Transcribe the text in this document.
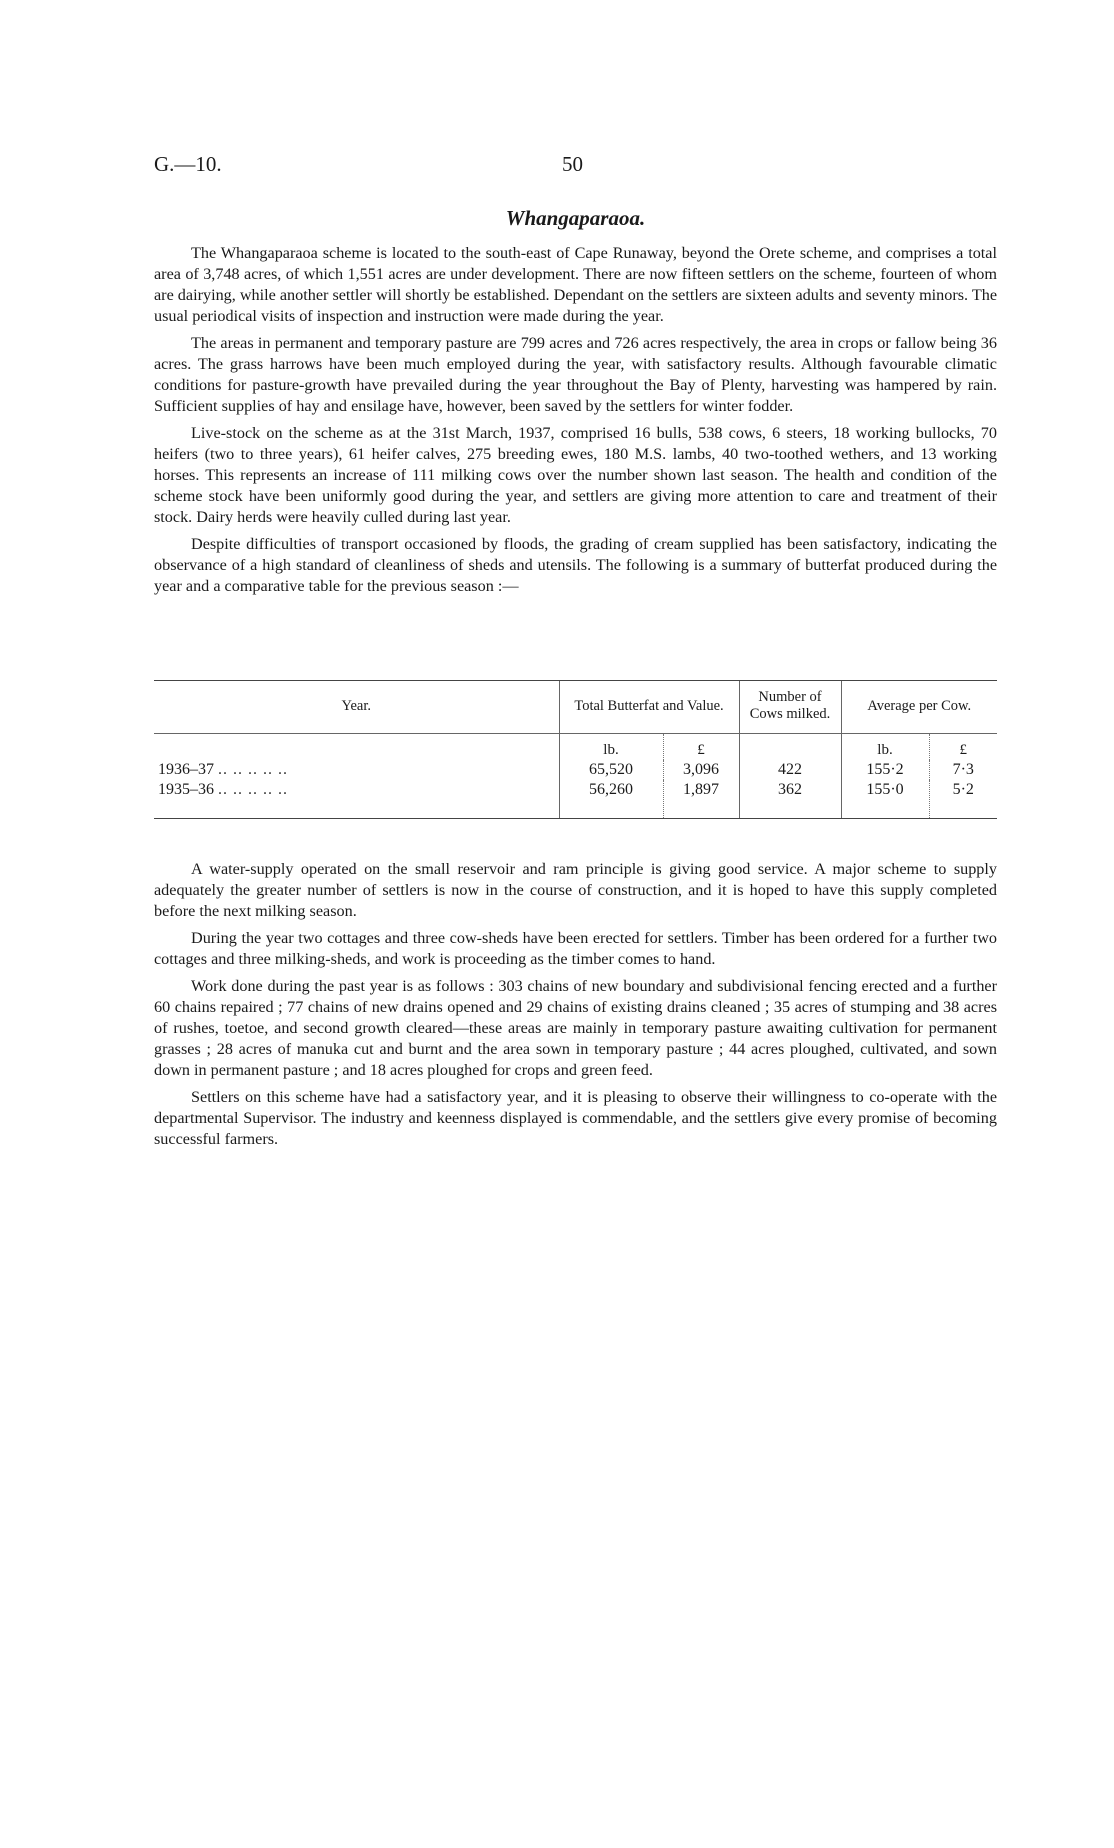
G.—10.	50
Whangaparaoa.

The Whangaparaoa scheme is located to the south-east of Cape Runaway, beyond the Orete scheme, and comprises a total area of 3,748 acres, of which 1,551 acres are under development. There are now fifteen settlers on the scheme, fourteen of whom are dairying, while another settler will shortly be established. Dependant on the settlers are sixteen adults and seventy minors. The usual periodical visits of inspection and instruction were made during the year.

The areas in permanent and temporary pasture are 799 acres and 726 acres respectively, the area in crops or fallow being 36 acres. The grass harrows have been much employed during the year, with satisfactory results. Although favourable climatic conditions for pasture-growth have prevailed during the year throughout the Bay of Plenty, harvesting was hampered by rain. Sufficient supplies of hay and ensilage have, however, been saved by the settlers for winter fodder.

Live-stock on the scheme as at the 31st March, 1937, comprised 16 bulls, 538 cows, 6 steers, 18 working bullocks, 70 heifers (two to three years), 61 heifer calves, 275 breeding ewes, 180 M.S. lambs, 40 two-toothed wethers, and 13 working horses. This represents an increase of 111 milking cows over the number shown last season. The health and condition of the scheme stock have been uniformly good during the year, and settlers are giving more attention to care and treatment of their stock. Dairy herds were heavily culled during last year.

Despite difficulties of transport occasioned by floods, the grading of cream supplied has been satisfactory, indicating the observance of a high standard of cleanliness of sheds and utensils. The following is a summary of butterfat produced during the year and a comparative table for the previous season :—

Year.	Total Butterfat and Value.		Number of Cows milked.	Average per Cow.	
	lb.	£		lb.	£
1936–37 .. .. .. .. ..	65,520	3,096	422	155·2	7·3
1935–36 .. .. .. .. ..	56,260	1,897	362	155·0	5·2

A water-supply operated on the small reservoir and ram principle is giving good service. A major scheme to supply adequately the greater number of settlers is now in the course of construction, and it is hoped to have this supply completed before the next milking season.

During the year two cottages and three cow-sheds have been erected for settlers. Timber has been ordered for a further two cottages and three milking-sheds, and work is proceeding as the timber comes to hand.

Work done during the past year is as follows : 303 chains of new boundary and subdivisional fencing erected and a further 60 chains repaired ; 77 chains of new drains opened and 29 chains of existing drains cleaned ; 35 acres of stumping and 38 acres of rushes, toetoe, and second growth cleared—these areas are mainly in temporary pasture awaiting cultivation for permanent grasses ; 28 acres of manuka cut and burnt and the area sown in temporary pasture ; 44 acres ploughed, cultivated, and sown down in permanent pasture ; and 18 acres ploughed for crops and green feed.

Settlers on this scheme have had a satisfactory year, and it is pleasing to observe their willingness to co-operate with the departmental Supervisor. The industry and keenness displayed is commendable, and the settlers give every promise of becoming successful farmers.
